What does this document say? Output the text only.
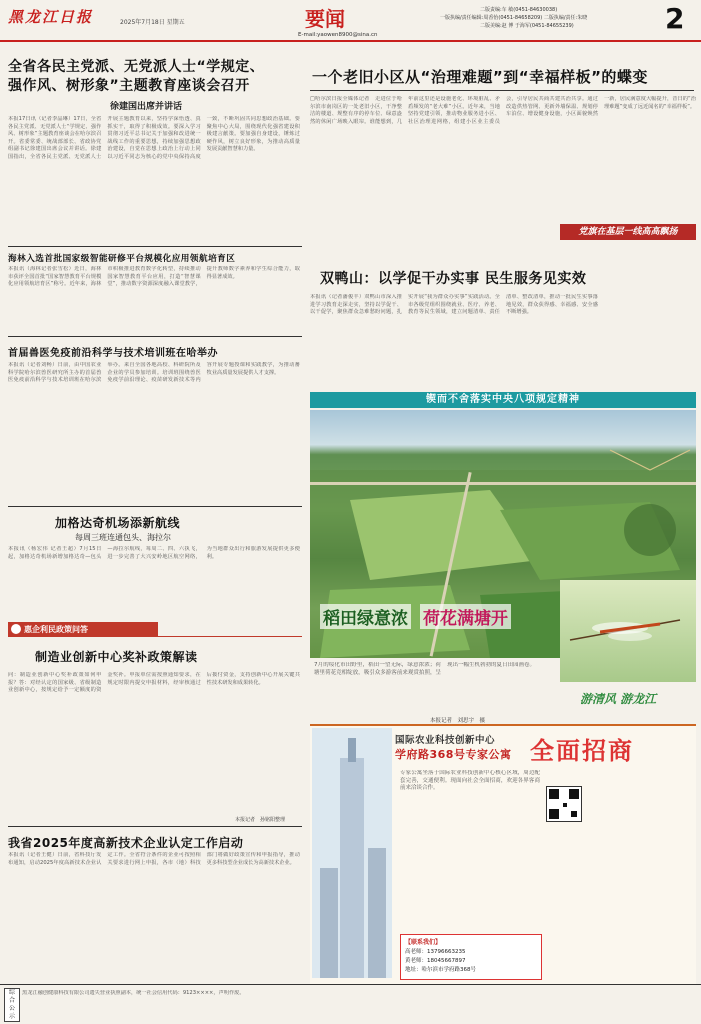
黑龙江日报	2025年7月18日 星期五	要闻
E-mail:yaowen8900@sina.cn
二版责编:车 敏(0451-84630038)
一版执编/责任编辑:周香怡(0451-84658209) 二版执编/责任:朱晓
二版美编:赵 博 于海军(0451-84655239)	2
全省各民主党派、无党派人士“学规定、
强作风、树形象”主题教育座谈会召开
徐建国出席并讲话
本报17日讯（记者李晶琳）17日，全省各民主党派、无党派人士“学规定、强作风、树形象”主题教育座谈会在哈尔滨召开。省委常委、统战部部长、省政协党组副书记徐建国出席会议并讲话。徐建国指出，全省各民主党派、无党派人士开展主题教育以来，坚持学深悟透、真抓实干，取得了积极成效。要深入学习贯彻习近平总书记关于加强和改进统一战线工作的重要思想，持续加强思想政治建设，自觉在思想上政治上行动上同以习近平同志为核心的党中央保持高度一致，不断巩固共同思想政治基础。要聚焦中心大局，围绕现代化强省建设积极建言献策。要加强自身建设，锤炼过硬作风，树立良好形象，为推动高质量发展贡献智慧和力量。
一个老旧小区从“治理难题”到“幸福样板”的蝶变
□哈尔滨日报全媒体记者　走进位于哈尔滨市南岗区的一处老旧小区，干净整洁的楼道、规整有序的停车位、绿意盎然的休闲广场映入眼帘。谁能想到，几年前这里还是设施老化、环境脏乱、矛盾频发的“老大难”小区。近年来，当地坚持党建引领，推动物业服务进小区、社区治理进网格，组建小区业主委员会，引导居民共商共建共治共享。通过改造供热管网、更新外墙保温、规划停车泊位、增设健身设施，小区面貌焕然一新，居民满意度大幅提升，昔日的“治理难题”变成了远近闻名的“幸福样板”。
党旗在基层一线高高飘扬
海林入选首批国家级智能研修平台规模化应用领航培育区
本报讯（海林记者张雪松）近日，海林市获评全国首批“国家智慧教育平台规模化应用领航培育区”称号。近年来，海林市积极推进教育数字化转型，持续推动国家智慧教育平台应用，打造“智慧课堂”，推动数字资源深度融入课堂教学，提升教师数字素养和学生综合能力，取得显著成效。
首届兽医免疫前沿科学与技术培训班在哈举办
本报讯（记者刘畅）日前，由中国农业科学院哈尔滨兽医研究所主办的首届兽医免疫前沿科学与技术培训班在哈尔滨举办。来自全国各地高校、科研院所及企业的学员参加培训。培训班围绕兽医免疫学前沿理论、疫苗研发新技术等内容开展专题授课和实践教学，为推动畜牧业高质量发展提供人才支撑。
加格达奇机场添新航线
每周三班连通包头、海拉尔
本报讯（杨宏伟 记者王超）7月15日起，加格达奇机场新增加格达奇—包头—海拉尔航线，每周二、四、六执飞，进一步完善了大兴安岭地区航空网络，为当地群众出行和旅游发展提供更多便利。
惠企利民政策问答
制造业创新中心奖补政策解读
问：制造业创新中心奖补政策如何申报？答：对经认定的国家级、省级制造业创新中心，按规定给予一定额度的资金奖补。申报单位需按照通知要求，在规定时限内提交申报材料，经审核通过后拨付资金，支持创新中心开展关键共性技术研发和成果转化。
本报记者　孙铭阳整理
我省2025年度高新技术企业认定工作启动
本报讯（记者王健）日前，省科技厅发布通知，启动2025年度高新技术企业认定工作。全省符合条件的企业可按照相关要求进行网上申报，各市（地）科技部门将做好政策宣传和申报指导，推动更多科技型企业成长为高新技术企业。
综合公示
黑龙江融创健康科技有限公司遗失营业执照副本，统一社会信用代码：9123××××，声明作废。
双鸭山：以学促干办实事 民生服务见实效
本报讯（记者潘俊丰）双鸭山市深入推进学习教育走深走实，坚持以学促干、以干促学，聚焦群众急难愁盼问题，扎实开展“我为群众办实事”实践活动。全市各级党组织围绕就业、医疗、养老、教育等民生领域，建立问题清单、责任清单、整改清单，推动一批民生实事落地见效，群众获得感、幸福感、安全感不断增强。
锲而不舍落实中央八项规定精神
稻田绿意浓 荷花满塘开
7月的绥化市田野里，稻田一望无际，绿意浓浓；荷塘里荷花竞相绽放，吸引众多游客前来观赏拍照，呈现出一幅生机勃勃的夏日田园画卷。
本报记者　刘思宇　摄
游清风 游龙江
国际农业科技创新中心
学府路368号专家公寓 全面招商
专家公寓坐落于国际农业科技创新中心核心区域，周边配套完善，交通便利。现面向社会全面招商，欢迎各界客商前来洽谈合作。
【联系我们】
高老师：13796663235
黄老师：18045667897
地址：哈尔滨市学府路368号
